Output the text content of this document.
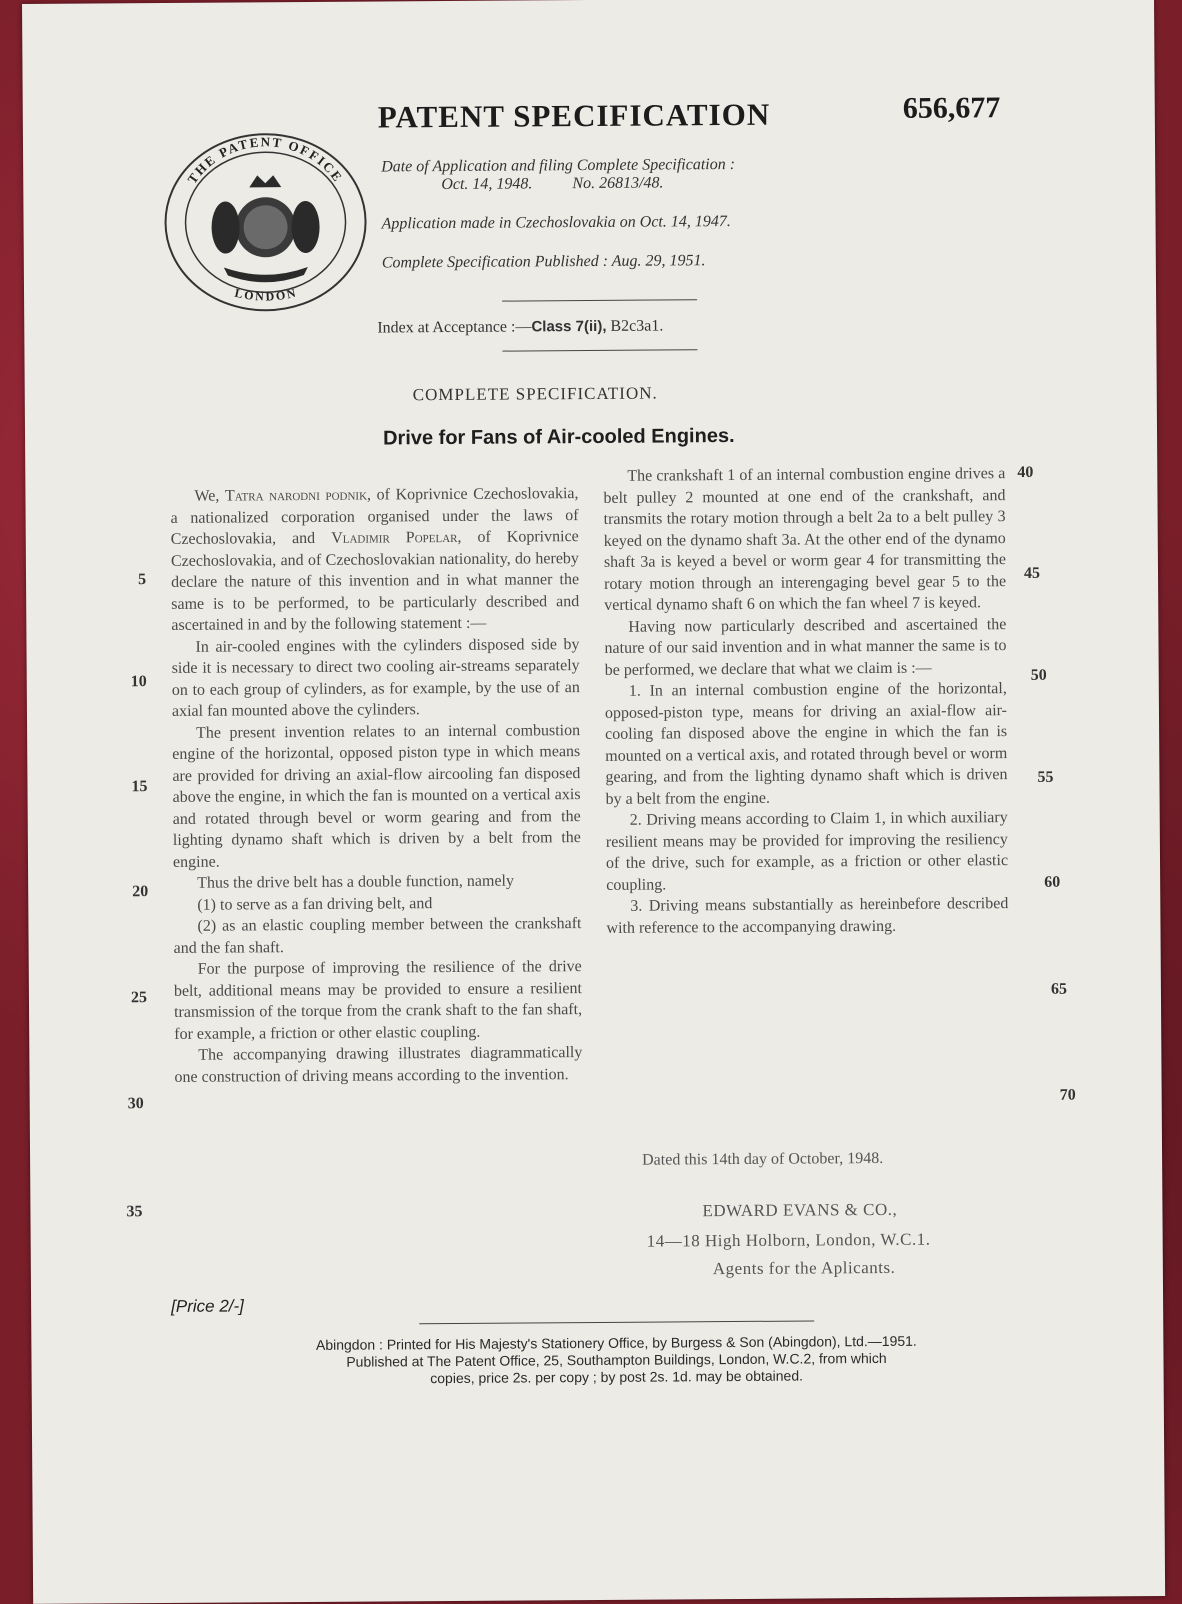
THE PATENT OFFICE
LONDON
PATENT SPECIFICATION	656,677
Date of Application and filing Complete Specification :
Oct. 14, 1948.          No. 26813/48.
Application made in Czechoslovakia on Oct. 14, 1947.
Complete Specification Published : Aug. 29, 1951.
Index at Acceptance :—Class 7(ii), B2c3a1.
COMPLETE SPECIFICATION.
Drive for Fans of Air-cooled Engines.

We, Tatra narodni podnik, of Koprivnice Czechoslovakia, a nationalized corporation organised under the laws of Czechoslovakia, and Vladimir Popelar, of Koprivnice Czechoslovakia, and of Czechoslovakian nationality, do hereby declare the nature of this invention and in what manner the same is to be performed, to be particularly described and ascertained in and by the following statement :—

In air-cooled engines with the cylinders disposed side by side it is necessary to direct two cooling air-streams separately on to each group of cylinders, as for example, by the use of an axial fan mounted above the cylinders.

The present invention relates to an internal combustion engine of the horizontal, opposed piston type in which means are provided for driving an axial-flow aircooling fan disposed above the engine, in which the fan is mounted on a vertical axis and rotated through bevel or worm gearing and from the lighting dynamo shaft which is driven by a belt from the engine.

Thus the drive belt has a double function, namely

(1) to serve as a fan driving belt, and

(2) as an elastic coupling member between the crankshaft and the fan shaft.

For the purpose of improving the resilience of the drive belt, additional means may be provided to ensure a resilient transmission of the torque from the crank shaft to the fan shaft, for example, a friction or other elastic coupling.

The accompanying drawing illustrates diagrammatically one construction of driving means according to the invention.

The crankshaft 1 of an internal combustion engine drives a belt pulley 2 mounted at one end of the crankshaft, and transmits the rotary motion through a belt 2a to a belt pulley 3 keyed on the dynamo shaft 3a. At the other end of the dynamo shaft 3a is keyed a bevel or worm gear 4 for transmitting the rotary motion through an interengaging bevel gear 5 to the vertical dynamo shaft 6 on which the fan wheel 7 is keyed.

Having now particularly described and ascertained the nature of our said invention and in what manner the same is to be performed, we declare that what we claim is :—

1. In an internal combustion engine of the horizontal, opposed-piston type, means for driving an axial-flow air-cooling fan disposed above the engine in which the fan is mounted on a vertical axis, and rotated through bevel or worm gearing, and from the lighting dynamo shaft which is driven by a belt from the engine.

2. Driving means according to Claim 1, in which auxiliary resilient means may be provided for improving the resiliency of the drive, such for example, as a friction or other elastic coupling.

3. Driving means substantially as hereinbefore described with reference to the accompanying drawing.

5
10
15
20
25
30
35
40
45
50
55
60
65
70
[Price 2/-]
Dated this 14th day of October, 1948.
EDWARD EVANS & CO.,
14—18 High Holborn, London, W.C.1.
Agents for the Aplicants.
Abingdon : Printed for His Majesty's Stationery Office, by Burgess & Son (Abingdon), Ltd.—1951.
Published at The Patent Office, 25, Southampton Buildings, London, W.C.2, from which
copies, price 2s. per copy ; by post 2s. 1d. may be obtained.
